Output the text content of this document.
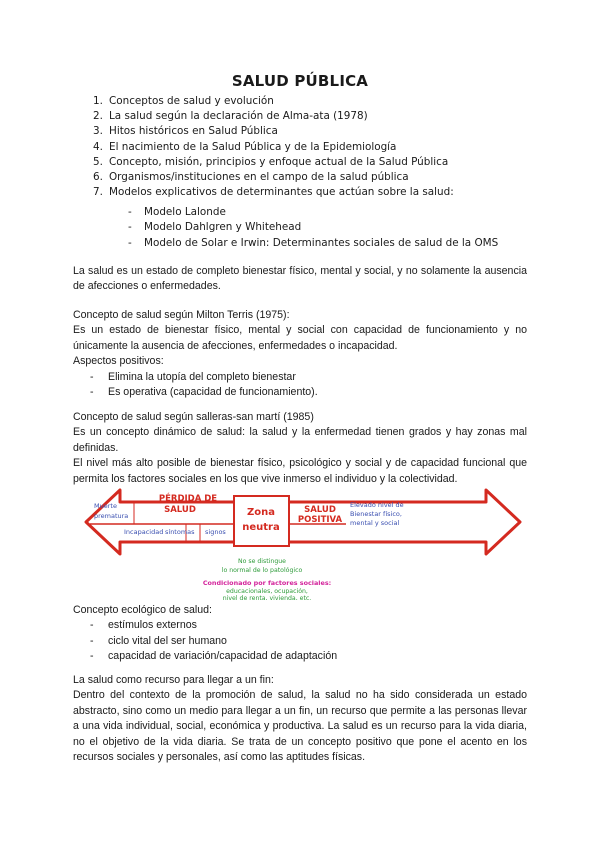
SALUD PÚBLICA
1. Conceptos de salud y evolución
2. La salud según la declaración de Alma-ata (1978)
3. Hitos históricos en Salud Pública
4. El nacimiento de la Salud Pública y de la Epidemiología
5. Concepto, misión, principios y enfoque actual de la Salud Pública
6. Organismos/instituciones en el campo de la salud pública
7. Modelos explicativos de determinantes que actúan sobre la salud:
- Modelo Lalonde
- Modelo Dahlgren y Whitehead
- Modelo de Solar e Irwin: Determinantes sociales de salud de la OMS

La salud es un estado de completo bienestar físico, mental y social, y no solamente la ausencia de afecciones o enfermedades.

Concepto de salud según Milton Terris (1975):

Es un estado de bienestar físico, mental y social con capacidad de funcionamiento y no únicamente la ausencia de afecciones, enfermedades o incapacidad.

Aspectos positivos:

- Elimina la utopía del completo bienestar
- Es operativa (capacidad de funcionamiento).

Concepto de salud según salleras-san martí (1985)

Es un concepto dinámico de salud: la salud y la enfermedad tienen grados y hay zonas mal definidas.

El nivel más alto posible de bienestar físico, psicológico y social y de capacidad funcional que permita los factores sociales en los que vive inmerso el individuo y la colectividad.

PÉRDIDA DE
SALUD
Muerte
prematura
Incapacidad síntomas signos
Zona
neutra
SALUD
POSITIVA
Elevado nivel de
Bienestar físico,
mental y social
No se distingue
lo normal de lo patológico
Condicionado por factores sociales:
educacionales, ocupación,
nivel de renta, vivienda, etc.

Concepto ecológico de salud:

- estímulos externos
- ciclo vital del ser humano
- capacidad de variación/capacidad de adaptación

La salud como recurso para llegar a un fin:

Dentro del contexto de la promoción de salud, la salud no ha sido considerada un estado abstracto, sino como un medio para llegar a un fin, un recurso que permite a las personas llevar a una vida individual, social, económica y productiva. La salud es un recurso para la vida diaria, no el objetivo de la vida diaria. Se trata de un concepto positivo que pone el acento en los recursos sociales y personales, así como las aptitudes físicas.
